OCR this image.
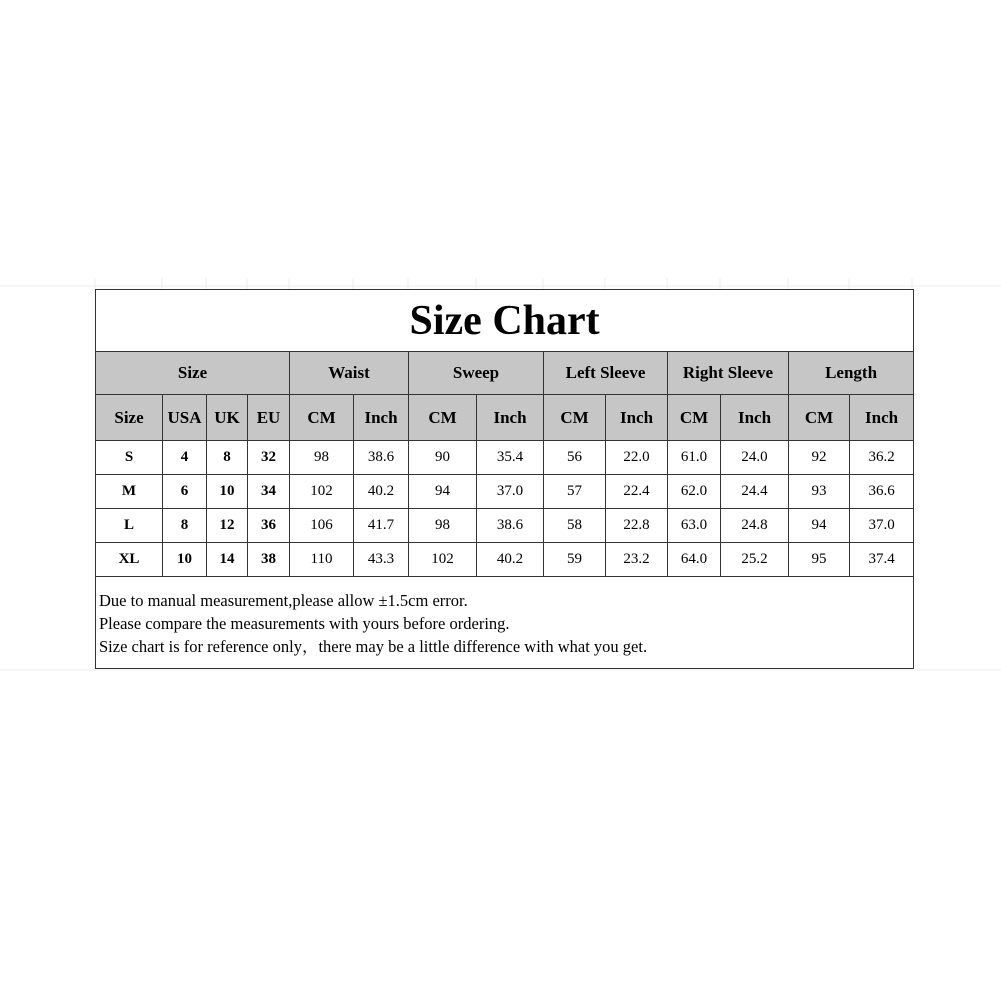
Size Chart													
Size				Waist		Sweep		Left Sleeve		Right Sleeve		Length	
Size	USA	UK	EU	CM	Inch	CM	Inch	CM	Inch	CM	Inch	CM	Inch
S	4	8	32	98	38.6	90	35.4	56	22.0	61.0	24.0	92	36.2
M	6	10	34	102	40.2	94	37.0	57	22.4	62.0	24.4	93	36.6
L	8	12	36	106	41.7	98	38.6	58	22.8	63.0	24.8	94	37.0
XL	10	14	38	110	43.3	102	40.2	59	23.2	64.0	25.2	95	37.4

Due to manual measurement,please allow ±1.5cm error.
Please compare the measurements with yours before ordering.
Size chart is for reference only，there may be a little difference with what you get.													
